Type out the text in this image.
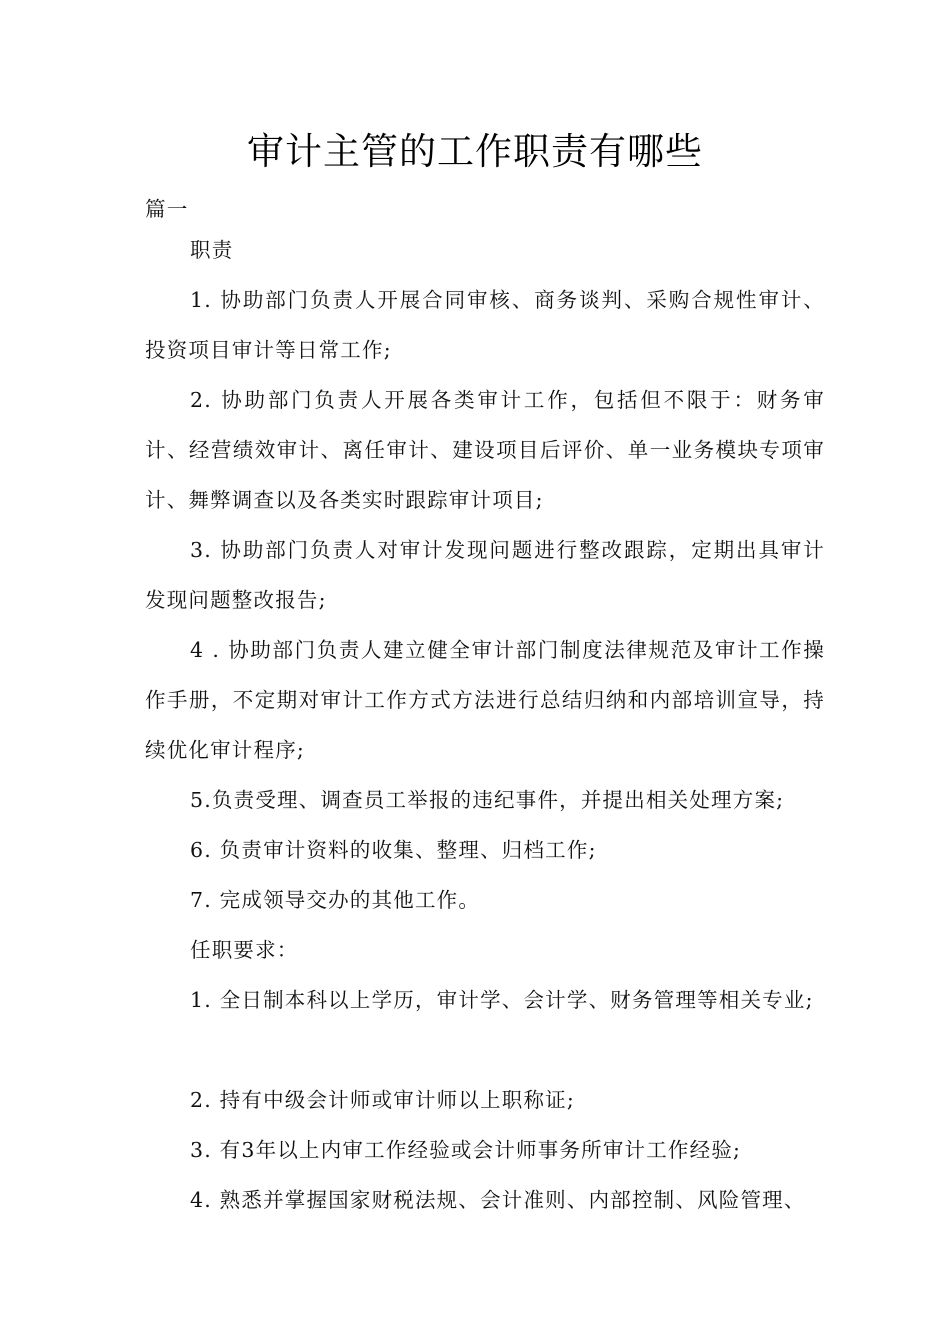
审计主管的工作职责有哪些

篇一

职责

1. 协助部门负责人开展合同审核、商务谈判、采购合规性审计、投资项目审计等日常工作;

2. 协助部门负责人开展各类审计工作，包括但不限于：财务审计、经营绩效审计、离任审计、建设项目后评价、单一业务模块专项审计、舞弊调查以及各类实时跟踪审计项目;

3. 协助部门负责人对审计发现问题进行整改跟踪，定期出具审计发现问题整改报告;

4 . 协助部门负责人建立健全审计部门制度法律规范及审计工作操作手册，不定期对审计工作方式方法进行总结归纳和内部培训宣导，持续优化审计程序;

5.负责受理、调查员工举报的违纪事件，并提出相关处理方案;

6. 负责审计资料的收集、整理、归档工作;

7. 完成领导交办的其他工作。

任职要求：

1. 全日制本科以上学历，审计学、会计学、财务管理等相关专业;

2. 持有中级会计师或审计师以上职称证;

3. 有3年以上内审工作经验或会计师事务所审计工作经验;

4. 熟悉并掌握国家财税法规、会计准则、内部控制、风险管理、
